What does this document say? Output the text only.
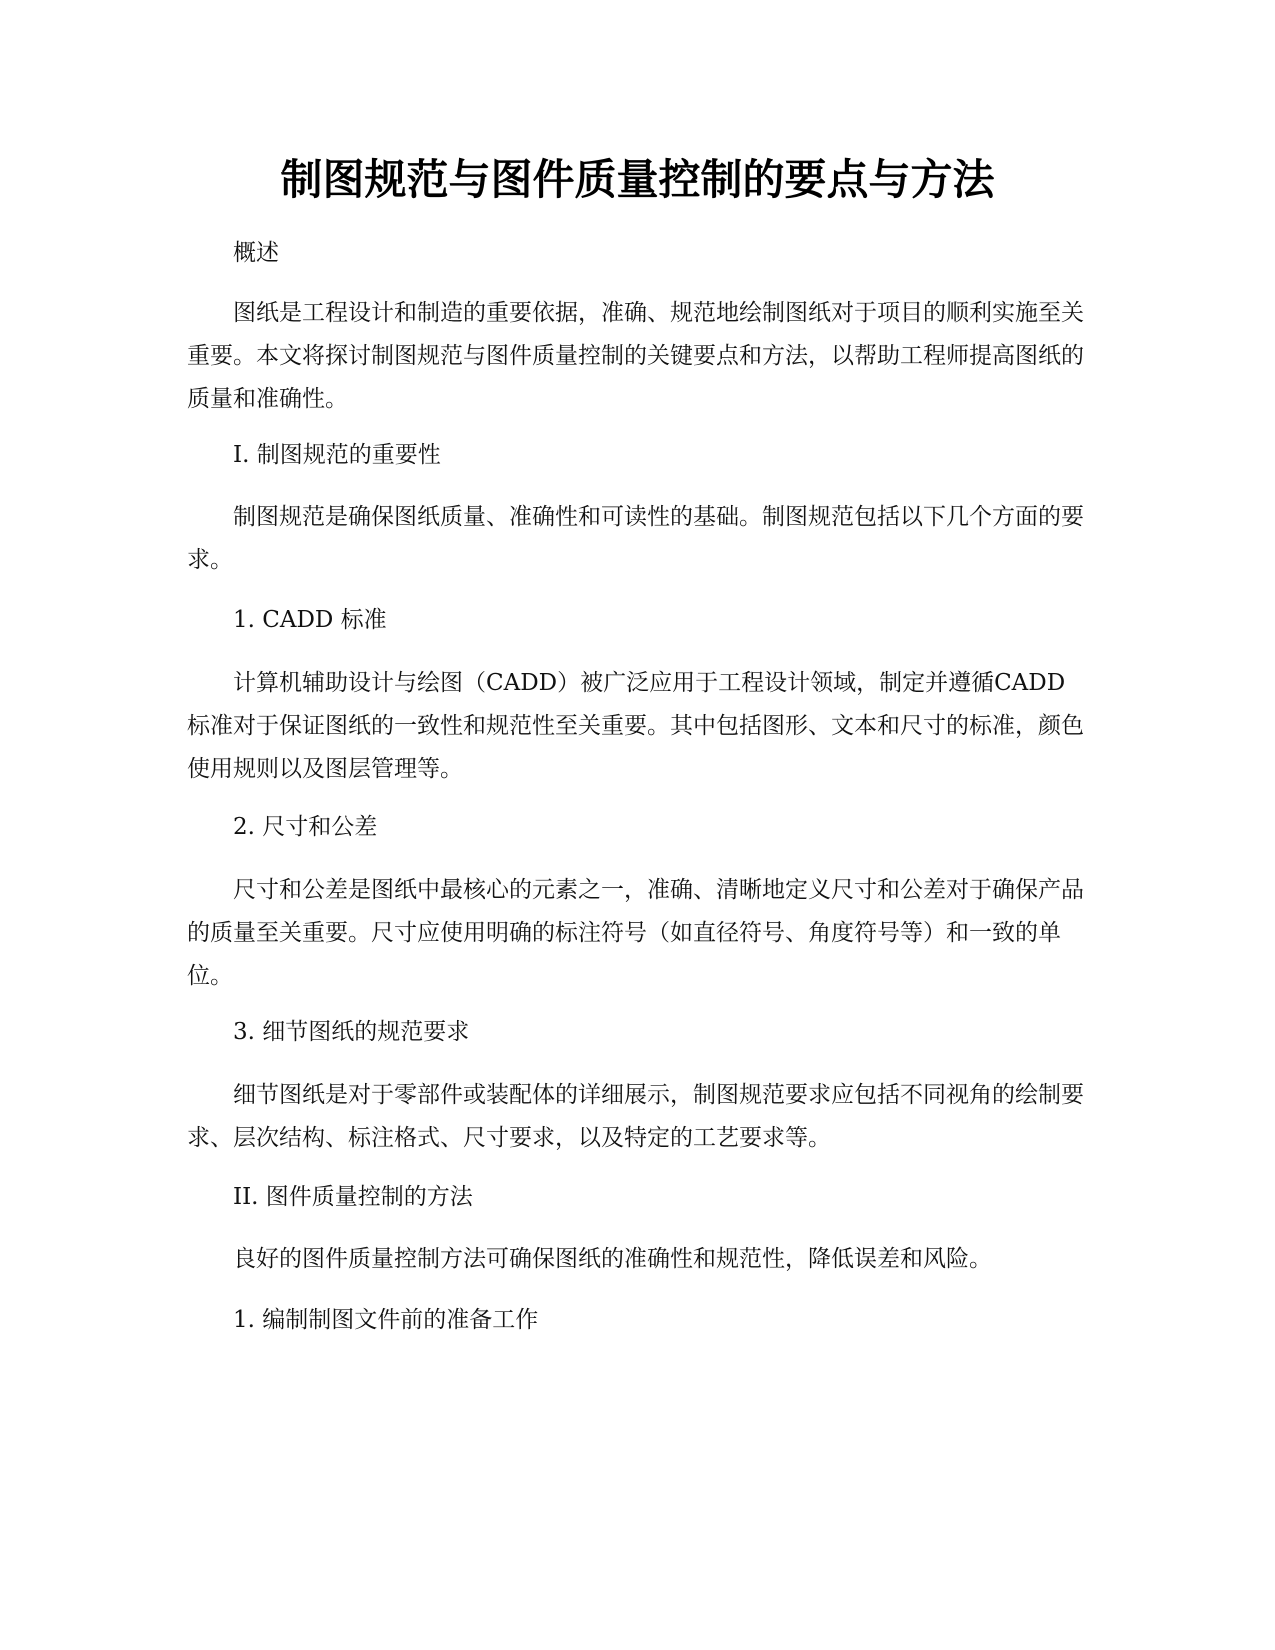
制图规范与图件质量控制的要点与方法

概述

图纸是工程设计和制造的重要依据，准确、规范地绘制图纸对于项目的顺利实施至关重要。本文将探讨制图规范与图件质量控制的关键要点和方法，以帮助工程师提高图纸的质量和准确性。

I. 制图规范的重要性

制图规范是确保图纸质量、准确性和可读性的基础。制图规范包括以下几个方面的要求。

1. CADD 标准

计算机辅助设计与绘图（CADD）被广泛应用于工程设计领域，制定并遵循CADD 标准对于保证图纸的一致性和规范性至关重要。其中包括图形、文本和尺寸的标准，颜色使用规则以及图层管理等。

2. 尺寸和公差

尺寸和公差是图纸中最核心的元素之一，准确、清晰地定义尺寸和公差对于确保产品的质量至关重要。尺寸应使用明确的标注符号（如直径符号、角度符号等）和一致的单位。

3. 细节图纸的规范要求

细节图纸是对于零部件或装配体的详细展示，制图规范要求应包括不同视角的绘制要求、层次结构、标注格式、尺寸要求，以及特定的工艺要求等。

II. 图件质量控制的方法

良好的图件质量控制方法可确保图纸的准确性和规范性，降低误差和风险。

1. 编制制图文件前的准备工作
